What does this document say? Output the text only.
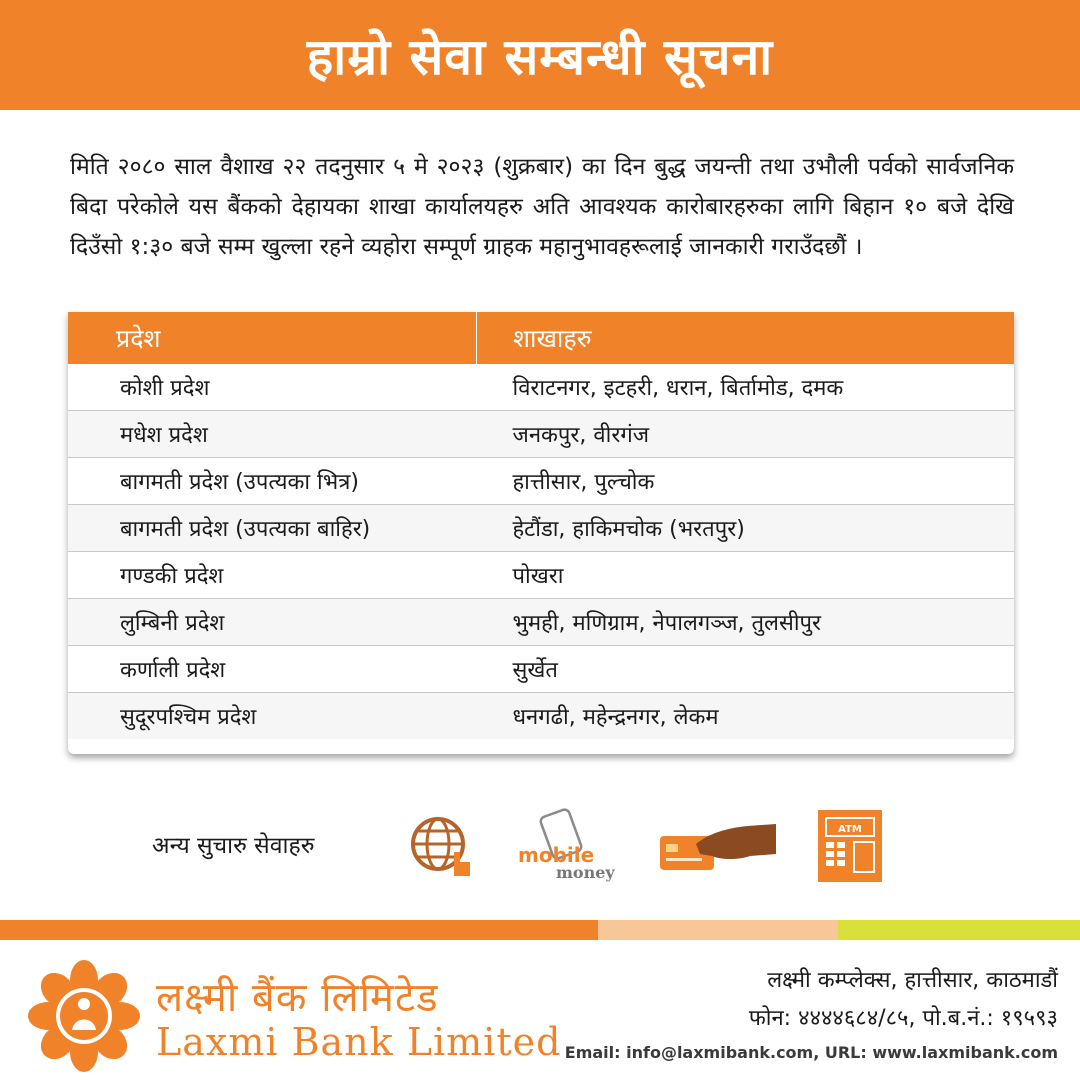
हाम्रो सेवा सम्बन्धी सूचना

मिति २०८० साल वैशाख २२ तदनुसार ५ मे २०२३ (शुक्रबार) का दिन बुद्ध जयन्ती तथा उभौली पर्वको सार्वजनिक बिदा परेकोले यस बैंकको देहायका शाखा कार्यालयहरु अति आवश्यक कारोबारहरुका लागि बिहान १० बजे देखि दिउँसो १:३० बजे सम्म खुल्ला रहने व्यहोरा सम्पूर्ण ग्राहक महानुभावहरूलाई जानकारी गराउँदछौं ।

प्रदेश	शाखाहरु
कोशी प्रदेश	विराटनगर, इटहरी, धरान, बिर्तामोड, दमक
मधेश प्रदेश	जनकपुर, वीरगंज
बागमती प्रदेश (उपत्यका भित्र)	हात्तीसार, पुल्चोक
बागमती प्रदेश (उपत्यका बाहिर)	हेटौंडा, हाकिमचोक (भरतपुर)
गण्डकी प्रदेश	पोखरा
लुम्बिनी प्रदेश	भुमही, मणिग्राम, नेपालगञ्ज, तुलसीपुर
कर्णाली प्रदेश	सुर्खेत
सुदूरपश्चिम प्रदेश	धनगढी, महेन्द्रनगर, लेकम
अन्य सुचारु सेवाहरु	mobile
money
ATM
लक्ष्मी बैंक लिमिटेड
Laxmi Bank Limited
लक्ष्मी कम्प्लेक्स, हात्तीसार, काठमाडौं
फोन: ४४४४६८४/८५, पो.ब.नं.: १९५९३
Email: info@laxmibank.com, URL: www.laxmibank.com
